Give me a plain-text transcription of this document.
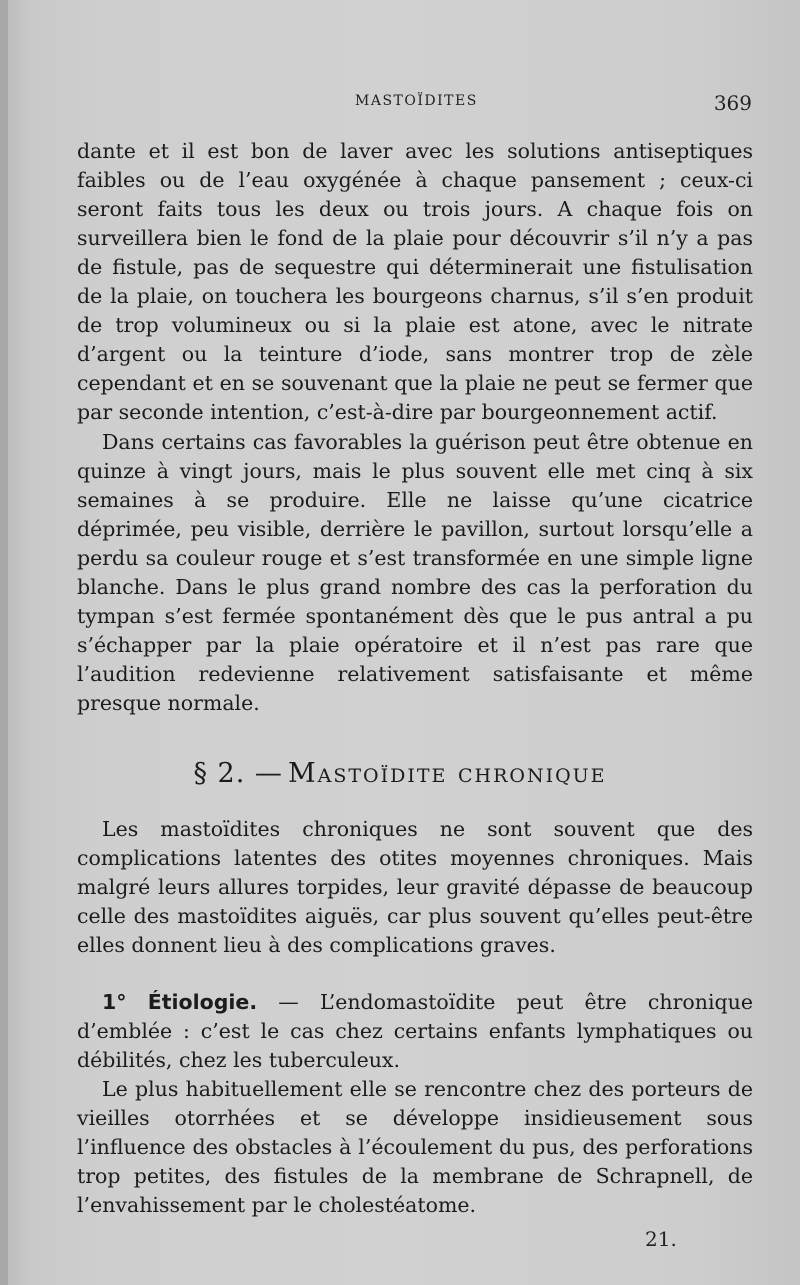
MASTOÏDITES	369

dante et il est bon de laver avec les solutions antiseptiques faibles ou de l’eau oxygénée à chaque pansement ; ceux-ci seront faits tous les deux ou trois jours. A chaque fois on surveillera bien le fond de la plaie pour découvrir s’il n’y a pas de fistule, pas de sequestre qui déterminerait une fistulisation de la plaie, on touchera les bourgeons charnus, s’il s’en produit de trop volumineux ou si la plaie est atone, avec le nitrate d’argent ou la teinture d’iode, sans montrer trop de zèle cependant et en se souvenant que la plaie ne peut se fermer que par seconde intention, c’est-à-dire par bourgeonnement actif.

Dans certains cas favorables la guérison peut être obtenue en quinze à vingt jours, mais le plus souvent elle met cinq à six semaines à se produire. Elle ne laisse qu’une cicatrice déprimée, peu visible, derrière le pavillon, surtout lorsqu’elle a perdu sa couleur rouge et s’est transformée en une simple ligne blanche. Dans le plus grand nombre des cas la perforation du tympan s’est fermée spontanément dès que le pus antral a pu s’échapper par la plaie opératoire et il n’est pas rare que l’audition redevienne relativement satisfaisante et même presque normale.

§ 2. — Mastoïdite chronique

Les mastoïdites chroniques ne sont souvent que des complications latentes des otites moyennes chroniques. Mais malgré leurs allures torpides, leur gravité dépasse de beaucoup celle des mastoïdites aiguës, car plus souvent qu’elles peut-être elles donnent lieu à des complications graves.

1° Étiologie. — L’endomastoïdite peut être chronique d’emblée : c’est le cas chez certains enfants lymphatiques ou débilités, chez les tuberculeux.

Le plus habituellement elle se rencontre chez des porteurs de vieilles otorrhées et se développe insidieusement sous l’influence des obstacles à l’écoulement du pus, des perforations trop petites, des fistules de la membrane de Schrapnell, de l’envahissement par le cholestéatome.

21.
